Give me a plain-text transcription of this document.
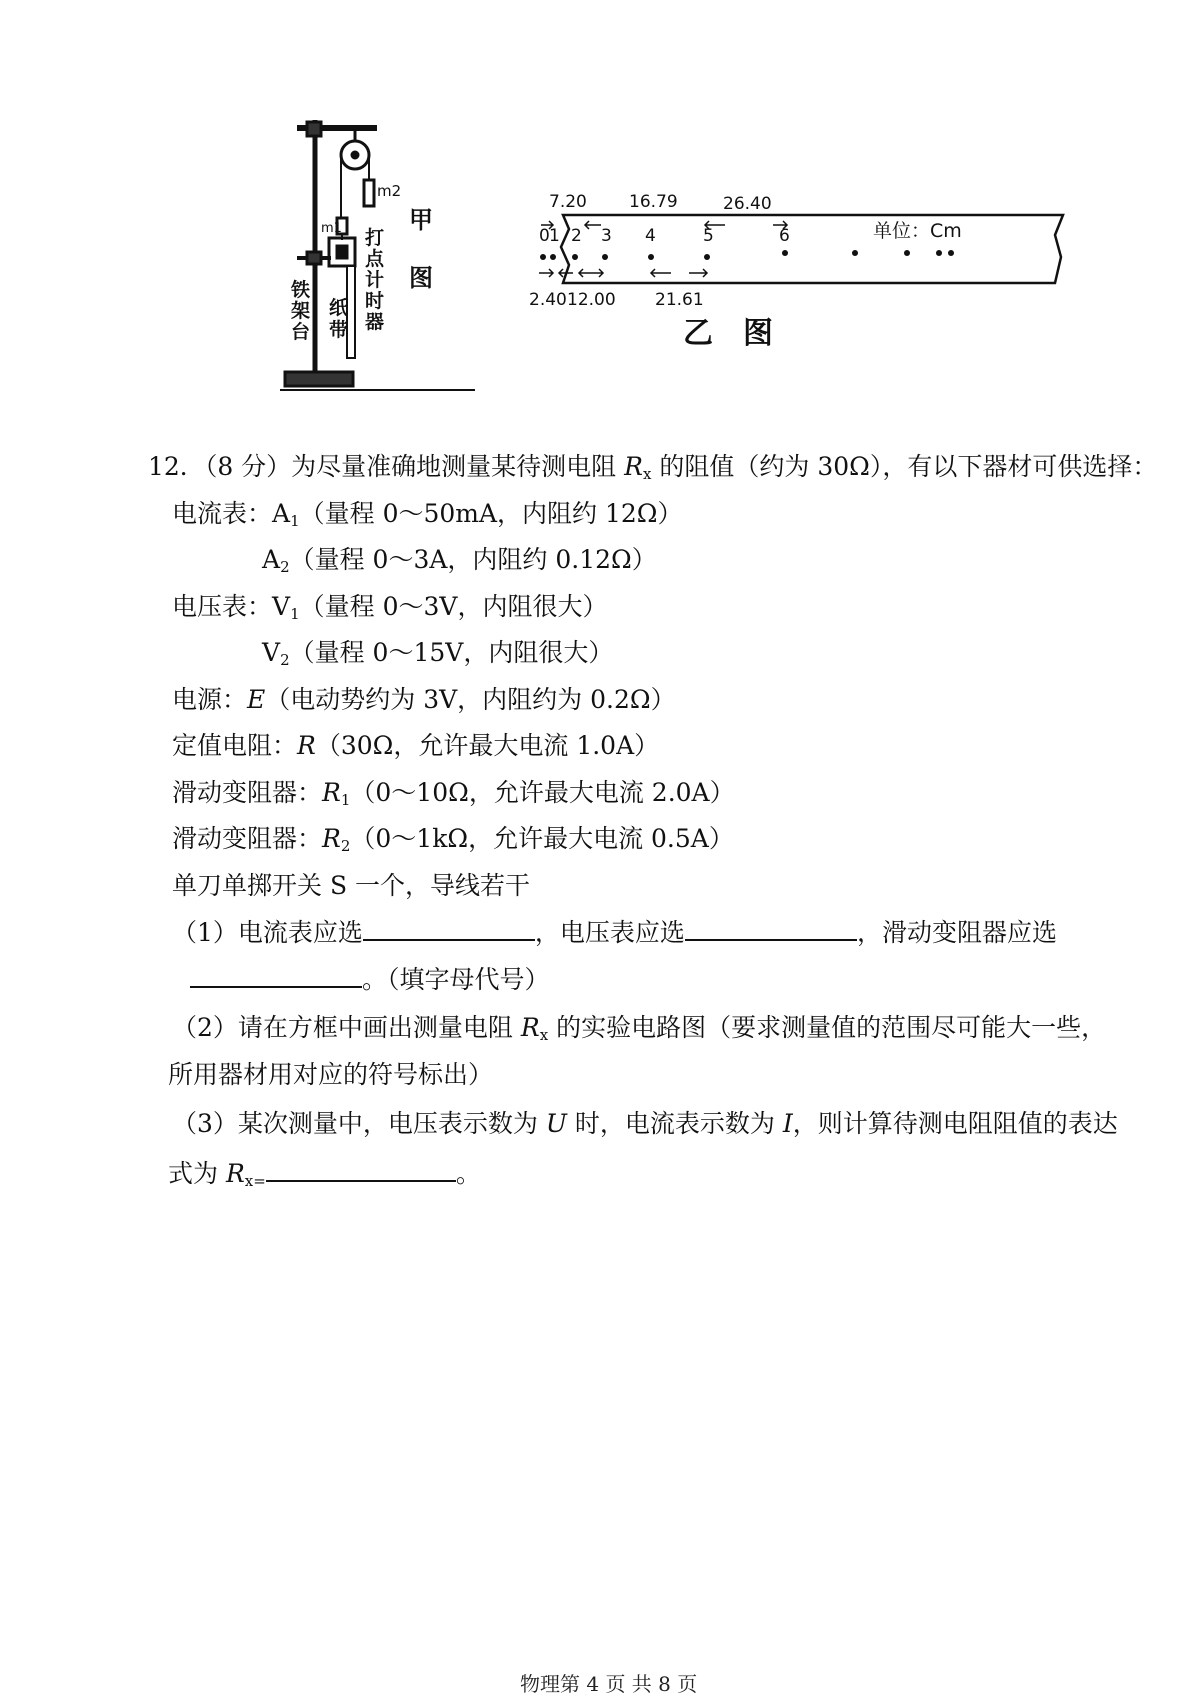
m2
m1 打
点
计
时
器
纸
带
铁
架
台
甲
图
7.20 16.79	26.40
0 1 2 3 4	5	6	单位：Cm
2.40 12.00 21.61
乙　图
12．（8 分）为尽量准确地测量某待测电阻 $R_x$ 的阻值（约为 30Ω），有以下器材可供选择：
电流表：$A_1$（量程 0～50mA，内阻约 12Ω）
$A_2$（量程 0～3A，内阻约 0.12Ω）
电压表：$V_1$（量程 0～3V，内阻很大）
$V_2$（量程 0～15V，内阻很大）
电源：E（电动势约为 3V，内阻约为 0.2Ω）
定值电阻：R（30Ω，允许最大电流 1.0A）
滑动变阻器：$R_1(0\sim 10\Omega$，允许最大电流 2.0A）
滑动变阻器：$R_2(0\sim 1k\Omega$，允许最大电流 0.5A）
单刀单掷开关 S 一个，导线若干
（1）电流表应选	，电压表应选	，滑动变阻器应选
。（填字母代号）
（2）请在方框中画出测量电阻 $R_x$ 的实验电路图（要求测量值的范围尽可能大一些，
所用器材用对应的符号标出）
（3）某次测量中，电压表示数为 U 时，电流表示数为 I，则计算待测电阻阻值的表达
式为 $R_{x=}$	。
物理第 4 页 共 8 页
